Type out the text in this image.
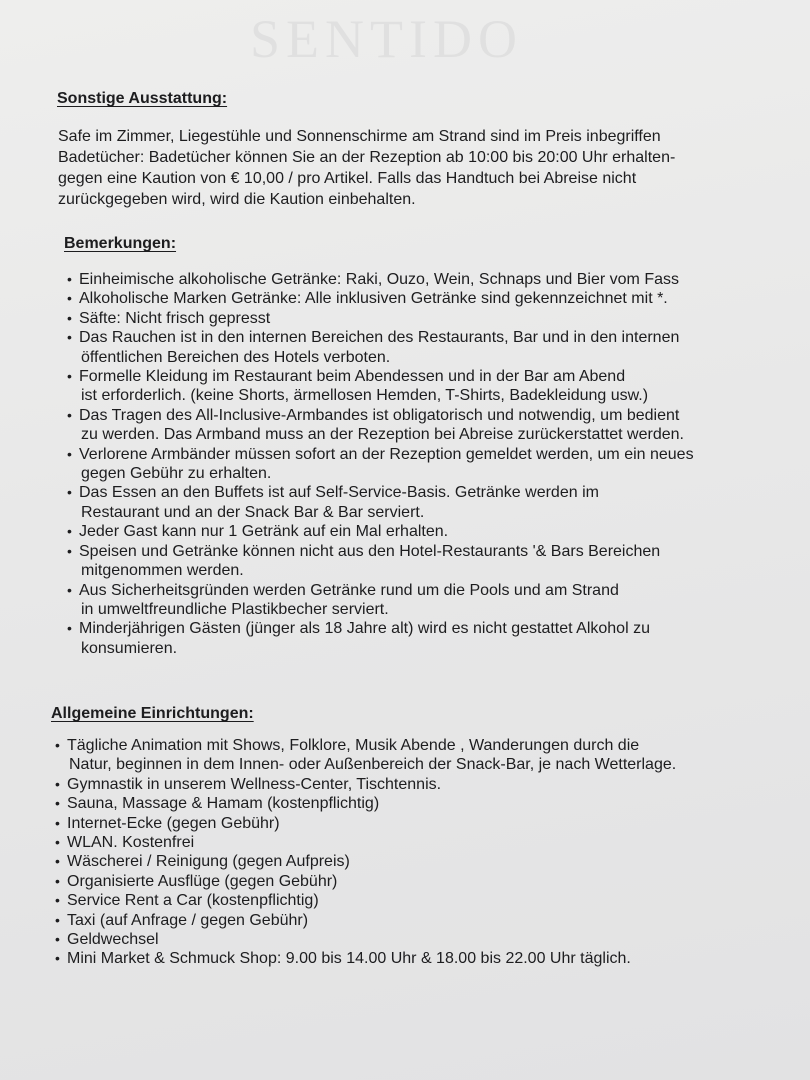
SENTIDO
Sonstige Ausstattung:
Safe im Zimmer, Liegestühle und Sonnenschirme am Strand sind im Preis inbegriffen
Badetücher: Badetücher können Sie an der Rezeption ab 10:00 bis 20:00 Uhr erhalten-
gegen eine Kaution von € 10,00 / pro Artikel. Falls das Handtuch bei Abreise nicht
zurückgegeben wird, wird die Kaution einbehalten.
Bemerkungen:
• Einheimische alkoholische Getränke: Raki, Ouzo, Wein, Schnaps und Bier vom Fass
• Alkoholische Marken Getränke: Alle inklusiven Getränke sind gekennzeichnet mit *.
• Säfte: Nicht frisch gepresst
• Das Rauchen ist in den internen Bereichen des Restaurants, Bar und in den internen
öffentlichen Bereichen des Hotels verboten.
• Formelle Kleidung im Restaurant beim Abendessen und in der Bar am Abend
ist erforderlich. (keine Shorts, ärmellosen Hemden, T-Shirts, Badekleidung usw.)
• Das Tragen des All-Inclusive-Armbandes ist obligatorisch und notwendig, um bedient
zu werden. Das Armband muss an der Rezeption bei Abreise zurückerstattet werden.
• Verlorene Armbänder müssen sofort an der Rezeption gemeldet werden, um ein neues
gegen Gebühr zu erhalten.
• Das Essen an den Buffets ist auf Self-Service-Basis. Getränke werden im
Restaurant und an der Snack Bar & Bar serviert.
• Jeder Gast kann nur 1 Getränk auf ein Mal erhalten.
• Speisen und Getränke können nicht aus den Hotel-Restaurants '& Bars Bereichen
mitgenommen werden.
• Aus Sicherheitsgründen werden Getränke rund um die Pools und am Strand
in umweltfreundliche Plastikbecher serviert.
• Minderjährigen Gästen (jünger als 18 Jahre alt) wird es nicht gestattet Alkohol zu
konsumieren.
Allgemeine Einrichtungen:
• Tägliche Animation mit Shows, Folklore, Musik Abende , Wanderungen durch die
Natur, beginnen in dem Innen- oder Außenbereich der Snack-Bar, je nach Wetterlage.
• Gymnastik in unserem Wellness-Center, Tischtennis.
• Sauna, Massage & Hamam (kostenpflichtig)
• Internet-Ecke (gegen Gebühr)
• WLAN. Kostenfrei
• Wäscherei / Reinigung (gegen Aufpreis)
• Organisierte Ausflüge (gegen Gebühr)
• Service Rent a Car (kostenpflichtig)
• Taxi (auf Anfrage / gegen Gebühr)
• Geldwechsel
• Mini Market & Schmuck Shop: 9.00 bis 14.00 Uhr & 18.00 bis 22.00 Uhr täglich.
